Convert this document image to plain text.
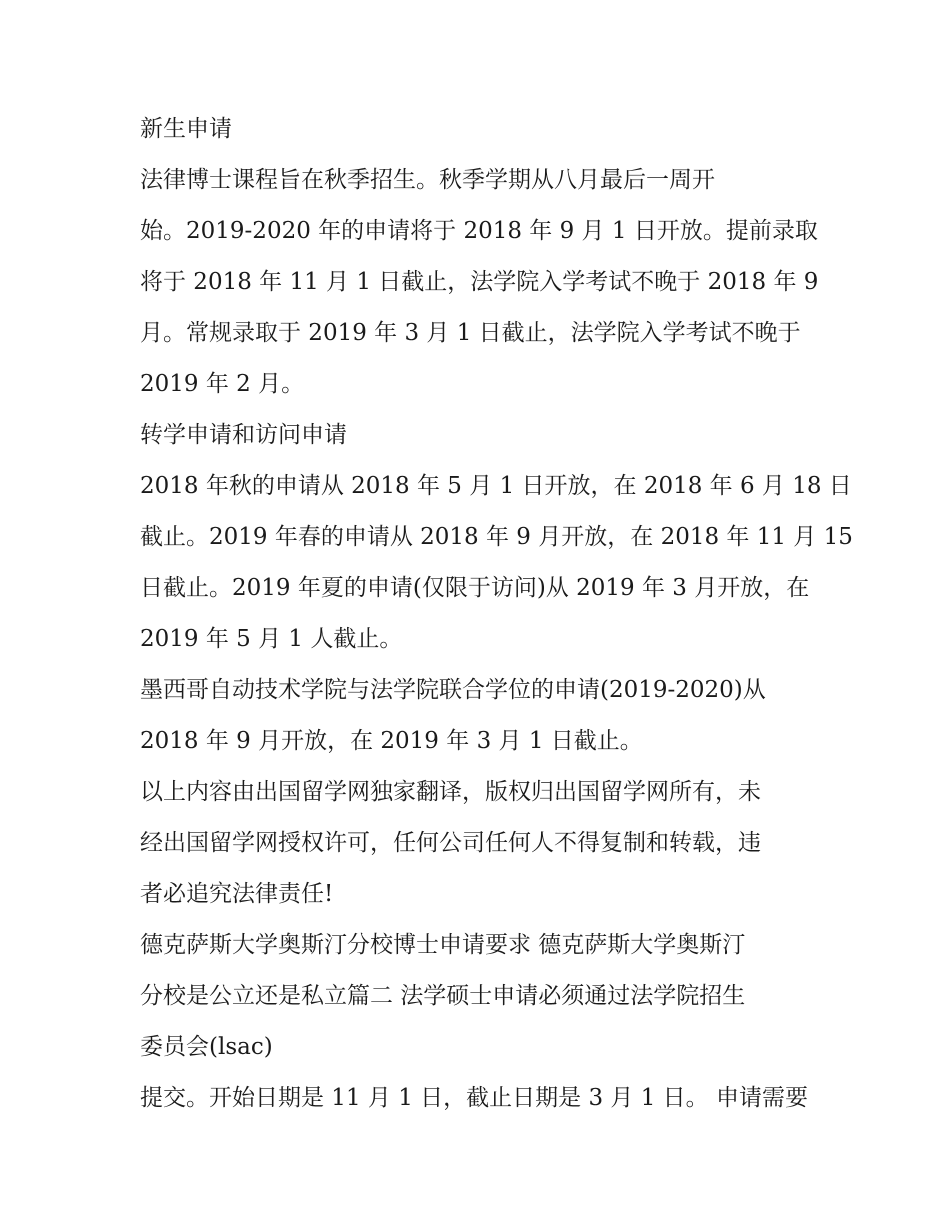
新生申请
法律博士课程旨在秋季招生。秋季学期从八月最后一周开
始。2019-2020 年的申请将于 2018 年 9 月 1 日开放。提前录取
将于 2018 年 11 月 1 日截止，法学院入学考试不晚于 2018 年 9
月。常规录取于 2019 年 3 月 1 日截止，法学院入学考试不晚于
2019 年 2 月。
转学申请和访问申请
2018 年秋的申请从 2018 年 5 月 1 日开放，在 2018 年 6 月 18 日
截止。2019 年春的申请从 2018 年 9 月开放，在 2018 年 11 月 15
日截止。2019 年夏的申请(仅限于访问)从 2019 年 3 月开放，在
2019 年 5 月 1 人截止。
墨西哥自动技术学院与法学院联合学位的申请(2019-2020)从
2018 年 9 月开放，在 2019 年 3 月 1 日截止。
以上内容由出国留学网独家翻译，版权归出国留学网所有，未
经出国留学网授权许可，任何公司任何人不得复制和转载，违
者必追究法律责任!
德克萨斯大学奥斯汀分校博士申请要求 德克萨斯大学奥斯汀
分校是公立还是私立篇二 法学硕士申请必须通过法学院招生
委员会(lsac)
提交。开始日期是 11 月 1 日，截止日期是 3 月 1 日。 申请需要
